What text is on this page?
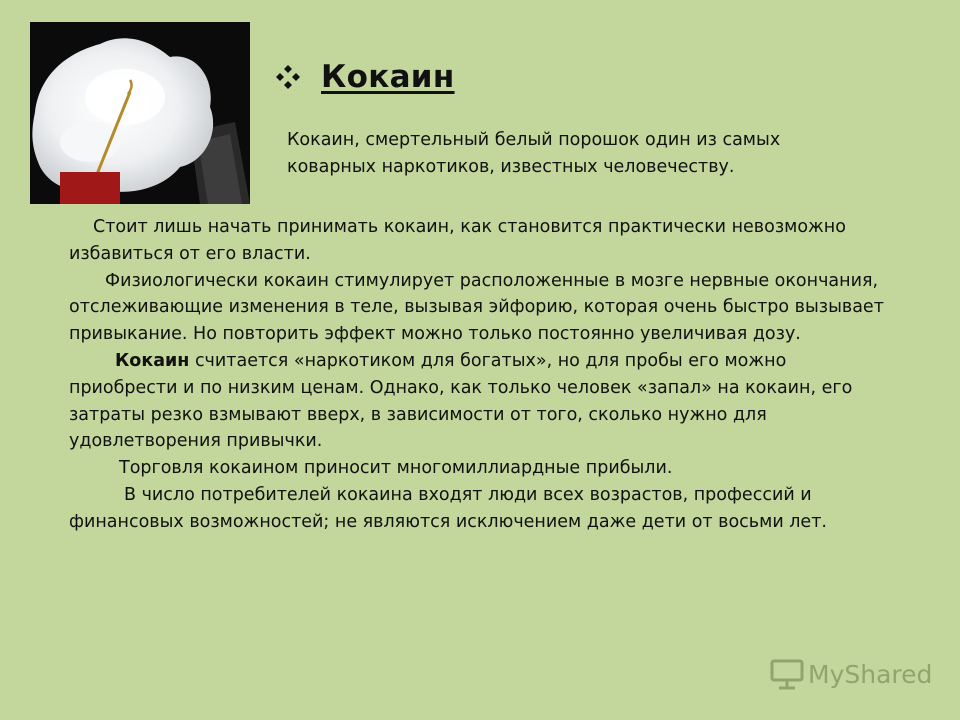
Кокаин

Кокаин, смертельный белый порошок один из самых коварных наркотиков, известных человечеству.

Стоит лишь начать принимать кокаин, как становится практически невозможно избавиться от его власти.

Физиологически кокаин стимулирует расположенные в мозге нервные окончания, отслеживающие изменения в теле, вызывая эйфорию, которая очень быстро вызывает привыкание. Но повторить эффект можно только постоянно увеличивая дозу.

Кокаин считается «наркотиком для богатых», но для пробы его можно приобрести и по низким ценам. Однако, как только человек «запал» на кокаин, его затраты резко взмывают вверх, в зависимости от того, сколько нужно для удовлетворения привычки.

Торговля кокаином приносит многомиллиардные прибыли.

В число потребителей кокаина входят люди всех возрастов, профессий и финансовых возможностей; не являются исключением даже дети от восьми лет.

MyShared
